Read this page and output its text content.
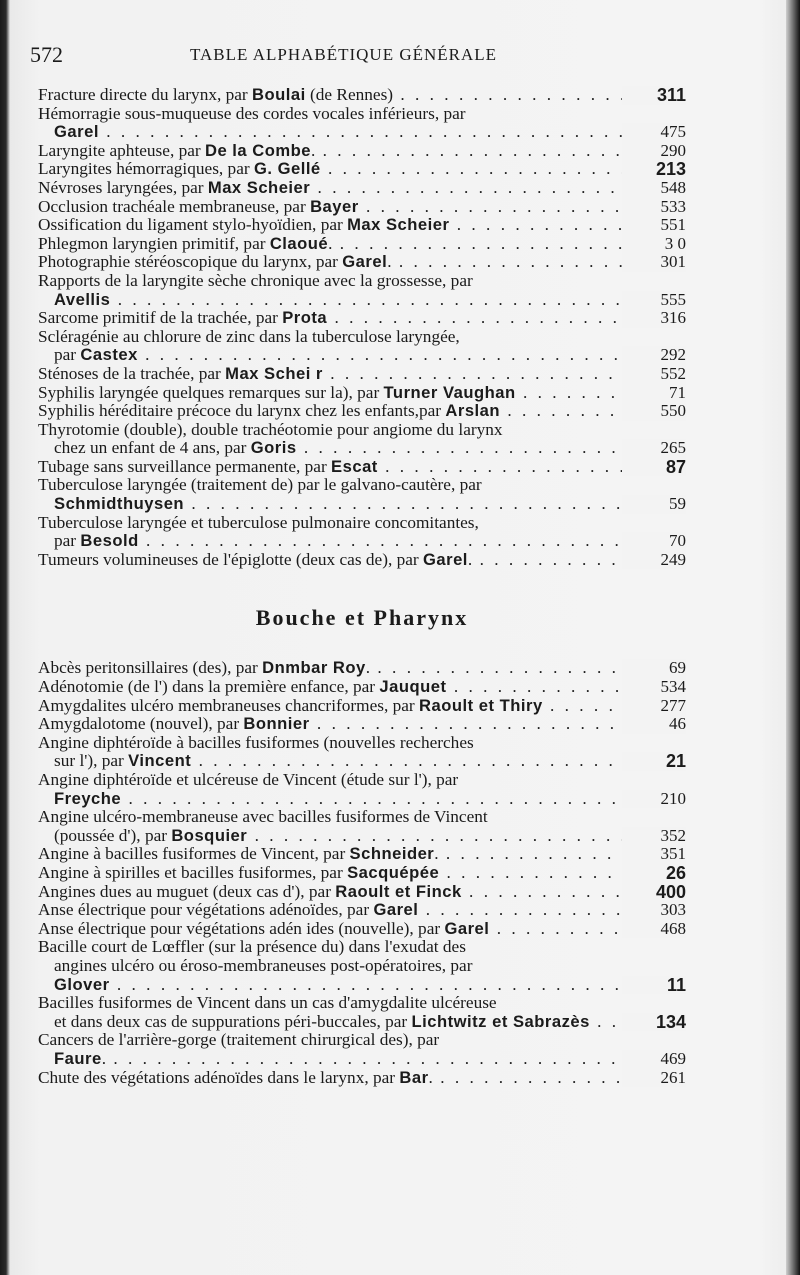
572	TABLE ALPHABÉTIQUE GÉNÉRALE
Fracture directe du larynx, par Boulai (de Rennes) . . .	311
Hémorragie sous-muqueuse des cordes vocales inférieurs, par
Garel . . .	475
Laryngite aphteuse, par De la Combe. . . .	290
Laryngites hémorragiques, par G. Gellé . . .	213
Névroses laryngées, par Max Scheier . . .	548
Occlusion trachéale membraneuse, par Bayer . . .	533
Ossification du ligament stylo-hyoïdien, par Max Scheier . . .	551
Phlegmon laryngien primitif, par Claoué. . . .	3 0
Photographie stéréoscopique du larynx, par Garel. . . .	301
Rapports de la laryngite sèche chronique avec la grossesse, par
Avellis . . .	555
Sarcome primitif de la trachée, par Prota . . .	316
Scléragénie au chlorure de zinc dans la tuberculose laryngée,
par Castex . . .	292
Sténoses de la trachée, par Max Schei r . . .	552
Syphilis laryngée quelques remarques sur la), par Turner Vaughan . . .	71
Syphilis héréditaire précoce du larynx chez les enfants,par Arslan . . .	550
Thyrotomie (double), double trachéotomie pour angiome du larynx
chez un enfant de 4 ans, par Goris . . .	265
Tubage sans surveillance permanente, par Escat . . .	87
Tuberculose laryngée (traitement de) par le galvano-cautère, par
Schmidthuysen . . .	59
Tuberculose laryngée et tuberculose pulmonaire concomitantes,
par Besold . . .	70
Tumeurs volumineuses de l'épiglotte (deux cas de), par Garel. . . .	249
Bouche et Pharynx
Abcès peritonsillaires (des), par Dnmbar Roy. . . .	69
Adénotomie (de l') dans la première enfance, par Jauquet . . .	534
Amygdalites ulcéro membraneuses chancriformes, par Raoult et Thiry . . .	277
Amygdalotome (nouvel), par Bonnier . . .	46
Angine diphtéroïde à bacilles fusiformes (nouvelles recherches
sur l'), par Vincent . . .	21
Angine diphtéroïde et ulcéreuse de Vincent (étude sur l'), par
Freyche . . .	210
Angine ulcéro-membraneuse avec bacilles fusiformes de Vincent
(poussée d'), par Bosquier . . .	352
Angine à bacilles fusiformes de Vincent, par Schneider. . . .	351
Angine à spirilles et bacilles fusiformes, par Sacquépée . . .	26
Angines dues au muguet (deux cas d'), par Raoult et Finck . . .	400
Anse électrique pour végétations adénoïdes, par Garel . . .	303
Anse électrique pour végétations adén ides (nouvelle), par Garel . . .	468
Bacille court de Lœffler (sur la présence du) dans l'exudat des
angines ulcéro ou éroso-membraneuses post-opératoires, par
Glover . . .	11
Bacilles fusiformes de Vincent dans un cas d'amygdalite ulcéreuse
et dans deux cas de suppurations péri-buccales, par Lichtwitz et Sabrazès . . .	134
Cancers de l'arrière-gorge (traitement chirurgical des), par
Faure. . . .	469
Chute des végétations adénoïdes dans le larynx, par Bar. . . .	261
